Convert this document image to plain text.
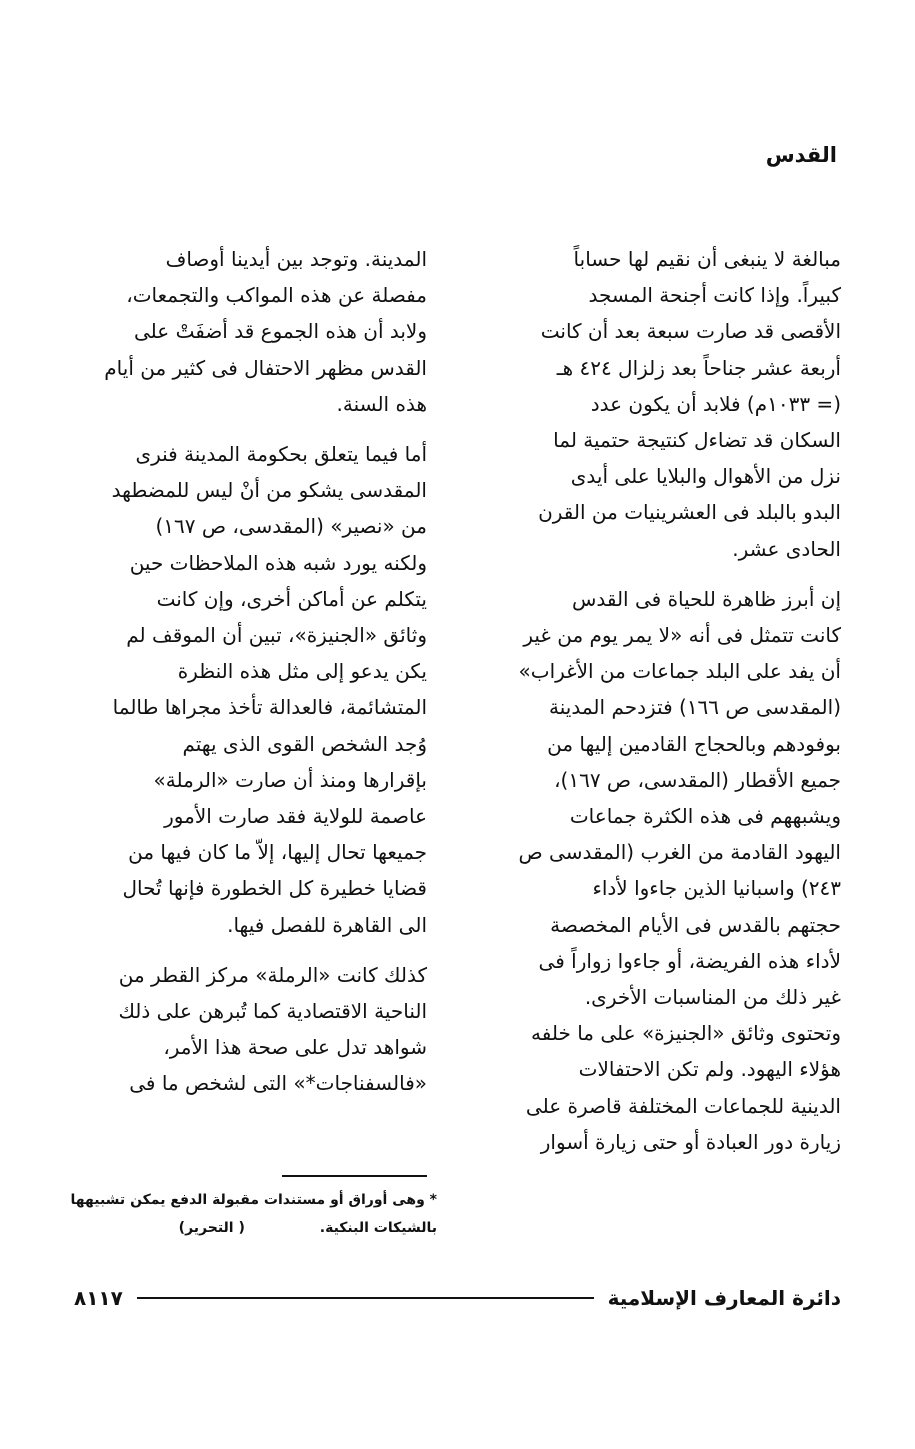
القدس

مبالغة لا ينبغى أن نقيم لها حساباً

كبيراً. وإذا كانت أجنحة المسجد

الأقصى قد صارت سبعة بعد أن كانت

أربعة عشر جناحاً بعد زلزال ٤٢٤ هـ

(= ١٠٣٣م) فلابد أن يكون عدد

السكان قد تضاءل كنتيجة حتمية لما

نزل من الأهوال والبلايا على أيدى

البدو بالبلد فى العشرينيات من القرن

الحادى عشر.

إن أبرز ظاهرة للحياة فى القدس

كانت تتمثل فى أنه «لا يمر يوم من غير

أن يفد على البلد جماعات من الأغراب»

(المقدسى ص ١٦٦) فتزدحم المدينة

بوفودهم وبالحجاج القادمين إليها من

جميع الأقطار (المقدسى، ص ١٦٧)،

ويشبههم فى هذه الكثرة جماعات

اليهود القادمة من الغرب (المقدسى ص

٢٤٣) واسبانيا الذين جاءوا لأداء

حجتهم بالقدس فى الأيام المخصصة

لأداء هذه الفريضة، أو جاءوا زواراً فى

غير ذلك من المناسبات الأخرى.

وتحتوى وثائق «الجنيزة» على ما خلفه

هؤلاء اليهود. ولم تكن الاحتفالات

الدينية للجماعات المختلفة قاصرة على

زيارة دور العبادة أو حتى زيارة أسوار

المدينة. وتوجد بين أيدينا أوصاف

مفصلة عن هذه المواكب والتجمعات،

ولابد أن هذه الجموع قد أضفَتْ على

القدس مظهر الاحتفال فى كثير من أيام

هذه السنة.

أما فيما يتعلق بحكومة المدينة فنرى

المقدسى يشكو من أنْ ليس للمضطهد

من «نصير» (المقدسى، ص ١٦٧)

ولكنه يورد شبه هذه الملاحظات حين

يتكلم عن أماكن أخرى، وإن كانت

وثائق «الجنيزة»، تبين أن الموقف لم

يكن يدعو إلى مثل هذه النظرة

المتشائمة، فالعدالة تأخذ مجراها طالما

وُجد الشخص القوى الذى يهتم

بإقرارها ومنذ أن صارت «الرملة»

عاصمة للولاية فقد صارت الأمور

جميعها تحال إليها، إلاّ ما كان فيها من

قضايا خطيرة كل الخطورة فإنها تُحال

الى القاهرة للفصل فيها.

كذلك كانت «الرملة» مركز القطر من

الناحية الاقتصادية كما تُبرهن على ذلك

شواهد تدل على صحة هذا الأمر،

«فالسفناجات*» التى لشخص ما فى

* وهى أوراق أو مستندات مقبولة الدفع يمكن تشبيهها

بالشيكات البنكية. ( التحرير)

دائرة المعارف الإسلامية
٨١١٧
